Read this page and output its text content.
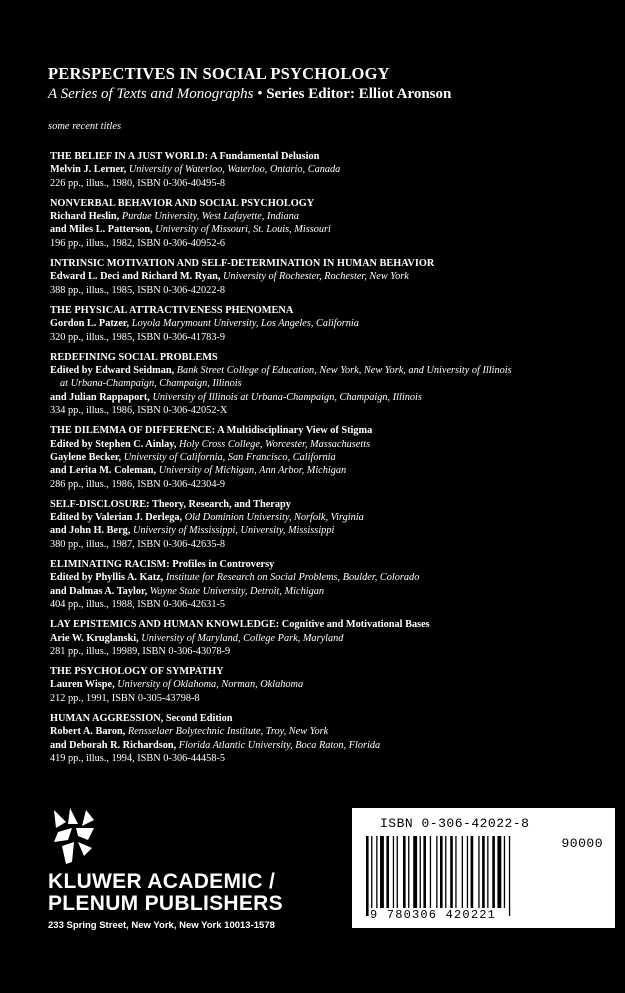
PERSPECTIVES IN SOCIAL PSYCHOLOGY
A Series of Texts and Monographs • Series Editor: Elliot Aronson
some recent titles
THE BELIEF IN A JUST WORLD: A Fundamental Delusion
Melvin J. Lerner, University of Waterloo, Waterloo, Ontario, Canada
226 pp., illus., 1980, ISBN 0-306-40495-8
NONVERBAL BEHAVIOR AND SOCIAL PSYCHOLOGY
Richard Heslin, Purdue University, West Lafayette, Indiana
and Miles L. Patterson, University of Missouri, St. Louis, Missouri
196 pp., illus., 1982, ISBN 0-306-40952-6
INTRINSIC MOTIVATION AND SELF-DETERMINATION IN HUMAN BEHAVIOR
Edward L. Deci and Richard M. Ryan, University of Rochester, Rochester, New York
388 pp., illus., 1985, ISBN 0-306-42022-8
THE PHYSICAL ATTRACTIVENESS PHENOMENA
Gordon L. Patzer, Loyola Marymount University, Los Angeles, California
320 pp., illus., 1985, ISBN 0-306-41783-9
REDEFINING SOCIAL PROBLEMS
Edited by Edward Seidman, Bank Street College of Education, New York, New York, and University of Illinois
at Urbana-Champaign, Champaign, Illinois
and Julian Rappaport, University of Illinois at Urbana-Champaign, Champaign, Illinois
334 pp., illus., 1986, ISBN 0-306-42052-X
THE DILEMMA OF DIFFERENCE: A Multidisciplinary View of Stigma
Edited by Stephen C. Ainlay, Holy Cross College, Worcester, Massachusetts
Gaylene Becker, University of California, San Francisco, California
and Lerita M. Coleman, University of Michigan, Ann Arbor, Michigan
286 pp., illus., 1986, ISBN 0-306-42304-9
SELF-DISCLOSURE: Theory, Research, and Therapy
Edited by Valerian J. Derlega, Old Dominion University, Norfolk, Virginia
and John H. Berg, University of Mississippi, University, Mississippi
380 pp., illus., 1987, ISBN 0-306-42635-8
ELIMINATING RACISM: Profiles in Controversy
Edited by Phyllis A. Katz, Institute for Research on Social Problems, Boulder, Colorado
and Dalmas A. Taylor, Wayne State University, Detroit, Michigan
404 pp., illus., 1988, ISBN 0-306-42631-5
LAY EPISTEMICS AND HUMAN KNOWLEDGE: Cognitive and Motivational Bases
Arie W. Kruglanski, University of Maryland, College Park, Maryland
281 pp., illus., 19989, ISBN 0-306-43078-9
THE PSYCHOLOGY OF SYMPATHY
Lauren Wispe, University of Oklahoma, Norman, Oklahoma
212 pp., 1991, ISBN 0-305-43798-8
HUMAN AGGRESSION, Second Edition
Robert A. Baron, Rensselaer Bolytechnic Institute, Troy, New York
and Deborah R. Richardson, Florida Atlantic University, Boca Raton, Florida
419 pp., illus., 1994, ISBN 0-306-44458-5
KLUWER ACADEMIC /
PLENUM PUBLISHERS
233 Spring Street, New York, New York 10013-1578
ISBN 0-306-42022-8
90000
9 780306 420221
